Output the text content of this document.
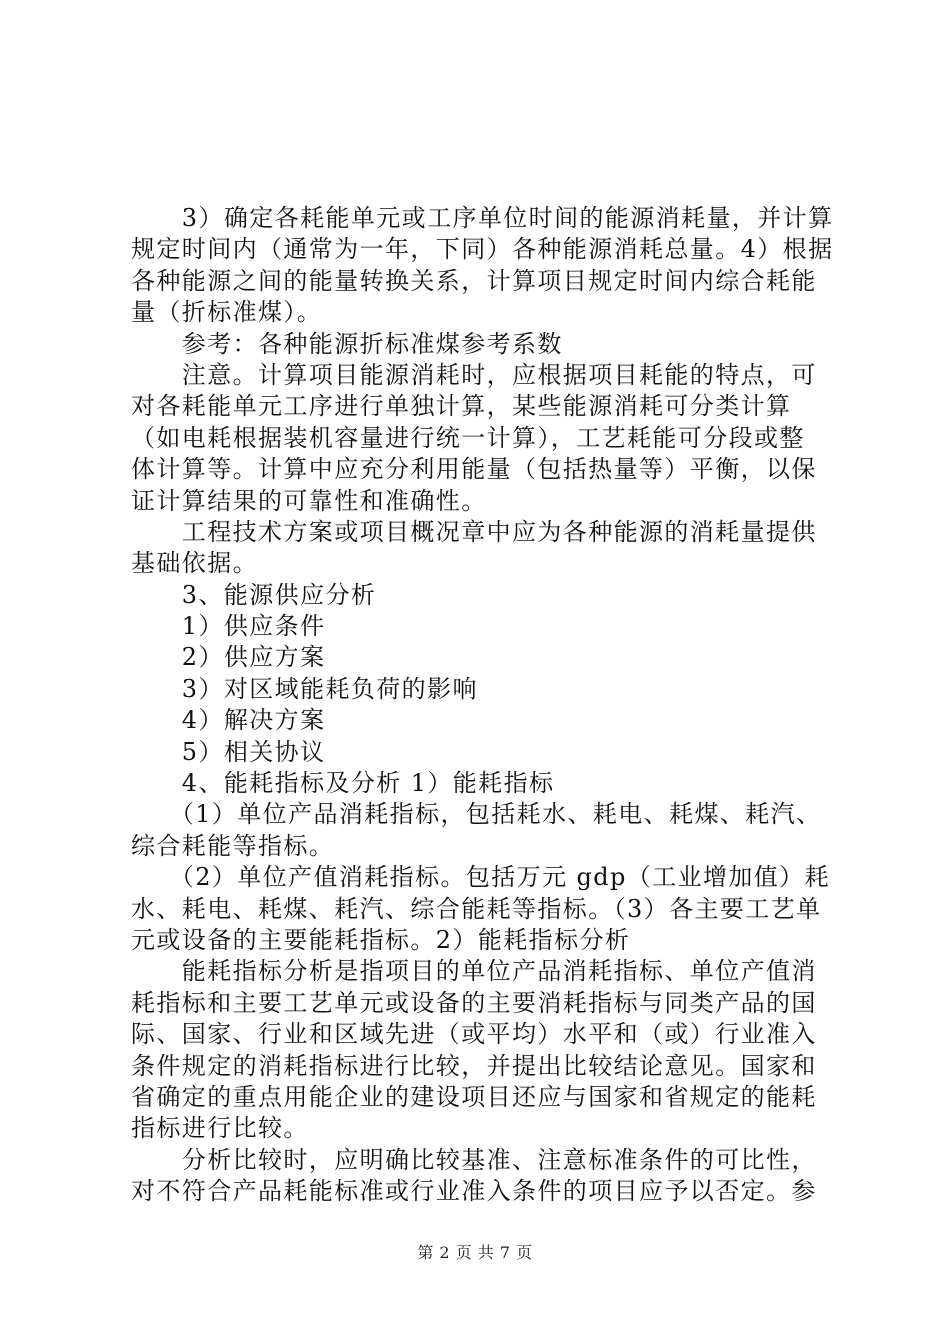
　　3）确定各耗能单元或工序单位时间的能源消耗量，并计算
规定时间内（通常为一年，下同）各种能源消耗总量。4）根据
各种能源之间的能量转换关系，计算项目规定时间内综合耗能
量（折标准煤）。
　　参考：各种能源折标准煤参考系数
　　注意。计算项目能源消耗时，应根据项目耗能的特点，可
对各耗能单元工序进行单独计算，某些能源消耗可分类计算
（如电耗根据装机容量进行统一计算），工艺耗能可分段或整
体计算等。计算中应充分利用能量（包括热量等）平衡，以保
证计算结果的可靠性和准确性。
　　工程技术方案或项目概况章中应为各种能源的消耗量提供
基础依据。
　　3、能源供应分析
　　1）供应条件
　　2）供应方案
　　3）对区域能耗负荷的影响
　　4）解决方案
　　5）相关协议
　　4、能耗指标及分析 1）能耗指标
　　（1）单位产品消耗指标，包括耗水、耗电、耗煤、耗汽、
综合耗能等指标。
　　（2）单位产值消耗指标。包括万元 gdp（工业增加值）耗
水、耗电、耗煤、耗汽、综合能耗等指标。（3）各主要工艺单
元或设备的主要能耗指标。2）能耗指标分析
　　能耗指标分析是指项目的单位产品消耗指标、单位产值消
耗指标和主要工艺单元或设备的主要消耗指标与同类产品的国
际、国家、行业和区域先进（或平均）水平和（或）行业准入
条件规定的消耗指标进行比较，并提出比较结论意见。国家和
省确定的重点用能企业的建设项目还应与国家和省规定的能耗
指标进行比较。
　　分析比较时，应明确比较基准、注意标准条件的可比性，
对不符合产品耗能标准或行业准入条件的项目应予以否定。参
第 2 页 共 7 页
